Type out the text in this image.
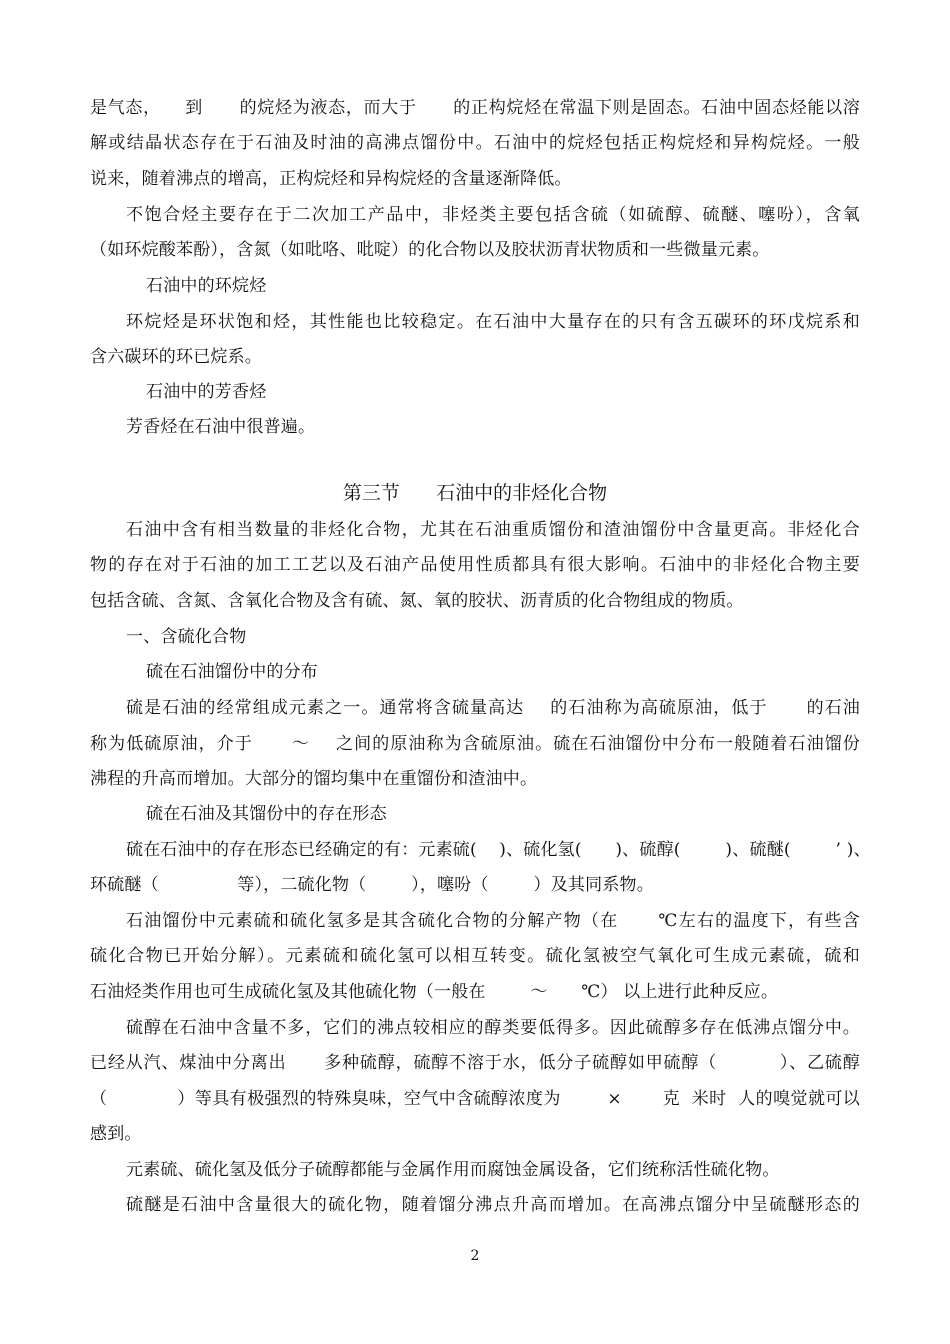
是气态，    到      的烷烃为液态，而大于      的正构烷烃在常温下则是固态。石油中固态烃能以溶
解或结晶状态存在于石油及时油的高沸点馏份中。石油中的烷烃包括正构烷烃和异构烷烃。一般
说来，随着沸点的增高，正构烷烃和异构烷烃的含量逐渐降低。
不饱合烃主要存在于二次加工产品中，非烃类主要包括含硫（如硫醇、硫醚、噻吩），含氧
（如环烷酸苯酚），含氮（如吡咯、吡啶）的化合物以及胶状沥青状物质和一些微量元素。
石油中的环烷烃
环烷烃是环状饱和烃，其性能也比较稳定。在石油中大量存在的只有含五碳环的环戊烷系和
含六碳环的环已烷系。
石油中的芳香烃
芳香烃在石油中很普遍。
第三节      石油中的非烃化合物
石油中含有相当数量的非烃化合物，尤其在石油重质馏份和渣油馏份中含量更高。非烃化合
物的存在对于石油的加工工艺以及石油产品使用性质都具有很大影响。石油中的非烃化合物主要
包括含硫、含氮、含氧化合物及含有硫、氮、氧的胶状、沥青质的化合物组成的物质。
一、含硫化合物
硫在石油馏份中的分布
硫是石油的经常组成元素之一。通常将含硫量高达    的石油称为高硫原油，低于      的石油
称为低硫原油，介于      ～    之间的原油称为含硫原油。硫在石油馏份中分布一般随着石油馏份
沸程的升高而增加。大部分的馏均集中在重馏份和渣油中。
硫在石油及其馏份中的存在形态
硫在石油中的存在形态已经确定的有：元素硫(    )、硫化氢(      )、硫醇(        )、硫醚(        ’ )、
环硫醚（              等），二硫化物（        ），噻吩（        ）及其同系物。
石油馏份中元素硫和硫化氢多是其含硫化合物的分解产物（在      ℃左右的温度下，有些含
硫化合物已开始分解）。元素硫和硫化氢可以相互转变。硫化氢被空气氧化可生成元素硫，硫和
石油烃类作用也可生成硫化氢及其他硫化物（一般在        ～      ℃） 以上进行此种反应。
硫醇在石油中含量不多，它们的沸点较相应的醇类要低得多。因此硫醇多存在低沸点馏分中。
已经从汽、煤油中分离出      多种硫醇，硫醇不溶于水，低分子硫醇如甲硫醇（          ）、乙硫醇
（            ）等具有极强烈的特殊臭味，空气中含硫醇浓度为        ×       克  米时  人的嗅觉就可以
感到。
元素硫、硫化氢及低分子硫醇都能与金属作用而腐蚀金属设备，它们统称活性硫化物。
硫醚是石油中含量很大的硫化物，随着馏分沸点升高而增加。在高沸点馏分中呈硫醚形态的
2
